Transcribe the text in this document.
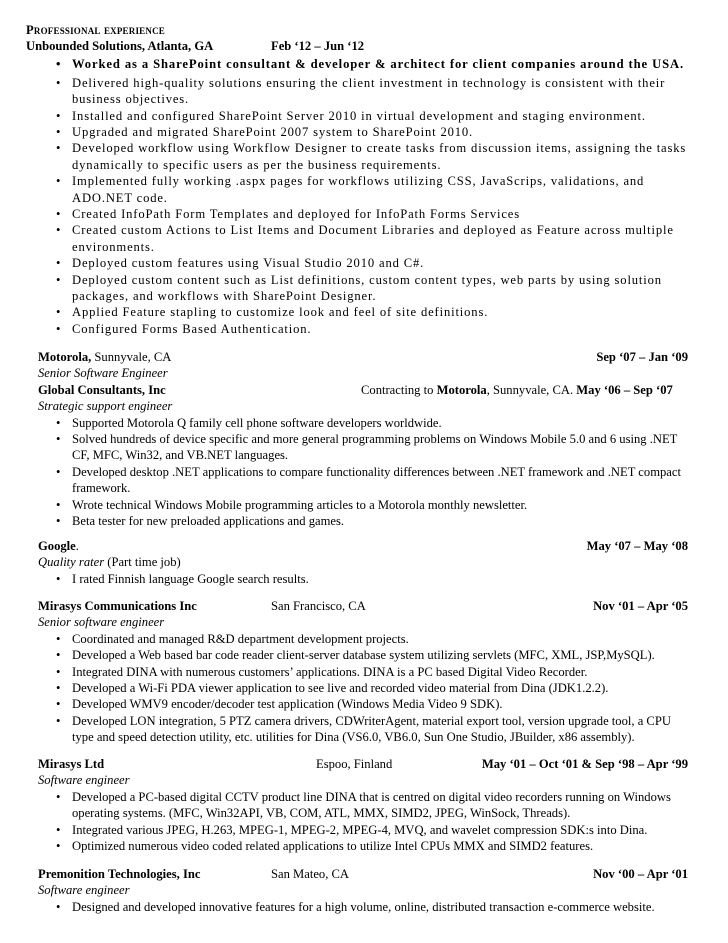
Professional experience
Unbounded Solutions, Atlanta, GA	Feb ‘12 – Jun ‘12
• Worked as a SharePoint consultant & developer & architect for client companies around the USA.
• Delivered high-quality solutions ensuring the client investment in technology is consistent with their business objectives.
• Installed and configured SharePoint Server 2010 in virtual development and staging environment.
• Upgraded and migrated SharePoint 2007 system to SharePoint 2010.
• Developed workflow using Workflow Designer to create tasks from discussion items, assigning the tasks dynamically to specific users as per the business requirements.
• Implemented fully working .aspx pages for workflows utilizing CSS, JavaScrips, validations, and ADO.NET code.
• Created InfoPath Form Templates and deployed for InfoPath Forms Services
• Created custom Actions to List Items and Document Libraries and deployed as Feature across multiple environments.
• Deployed custom features using Visual Studio 2010 and C#.
• Deployed custom content such as List definitions, custom content types, web parts by using solution packages, and workflows with SharePoint Designer.
• Applied Feature stapling to customize look and feel of site definitions.
• Configured Forms Based Authentication.
Motorola, Sunnyvale, CA	Sep ‘07 – Jan ‘09
Senior Software Engineer
Global Consultants, Inc	Contracting to Motorola, Sunnyvale, CA. May ‘06 – Sep ‘07
Strategic support engineer
• Supported Motorola Q family cell phone software developers worldwide.
• Solved hundreds of device specific and more general programming problems on Windows Mobile 5.0 and 6 using .NET CF, MFC, Win32, and VB.NET languages.
• Developed desktop .NET applications to compare functionality differences between .NET framework and .NET compact framework.
• Wrote technical Windows Mobile programming articles to a Motorola monthly newsletter.
• Beta tester for new preloaded applications and games.
Google.	May ‘07 – May ‘08
Quality rater (Part time job)
• I rated Finnish language Google search results.
Mirasys Communications Inc	San Francisco, CA	Nov ‘01 – Apr ‘05
Senior software engineer
• Coordinated and managed R&D department development projects.
• Developed a Web based bar code reader client-server database system utilizing servlets (MFC, XML, JSP,MySQL).
• Integrated DINA with numerous customers’ applications. DINA is a PC based Digital Video Recorder.
• Developed a Wi-Fi PDA viewer application to see live and recorded video material from Dina (JDK1.2.2).
• Developed WMV9 encoder/decoder test application (Windows Media Video 9 SDK).
• Developed LON integration, 5 PTZ camera drivers, CDWriterAgent, material export tool, version upgrade tool, a CPU type and speed detection utility, etc. utilities for Dina (VS6.0, VB6.0, Sun One Studio, JBuilder, x86 assembly).
Mirasys Ltd	Espoo, Finland	May ‘01 – Oct ‘01 & Sep ‘98 – Apr ‘99
Software engineer
• Developed a PC-based digital CCTV product line DINA that is centred on digital video recorders running on Windows operating systems. (MFC, Win32API, VB, COM, ATL, MMX, SIMD2, JPEG, WinSock, Threads).
• Integrated various JPEG, H.263, MPEG-1, MPEG-2, MPEG-4, MVQ, and wavelet compression SDK:s into Dina.
• Optimized numerous video coded related applications to utilize Intel CPUs MMX and SIMD2 features.
Premonition Technologies, Inc	San Mateo, CA	Nov ‘00 – Apr ‘01
Software engineer
• Designed and developed innovative features for a high volume, online, distributed transaction e-commerce website.
